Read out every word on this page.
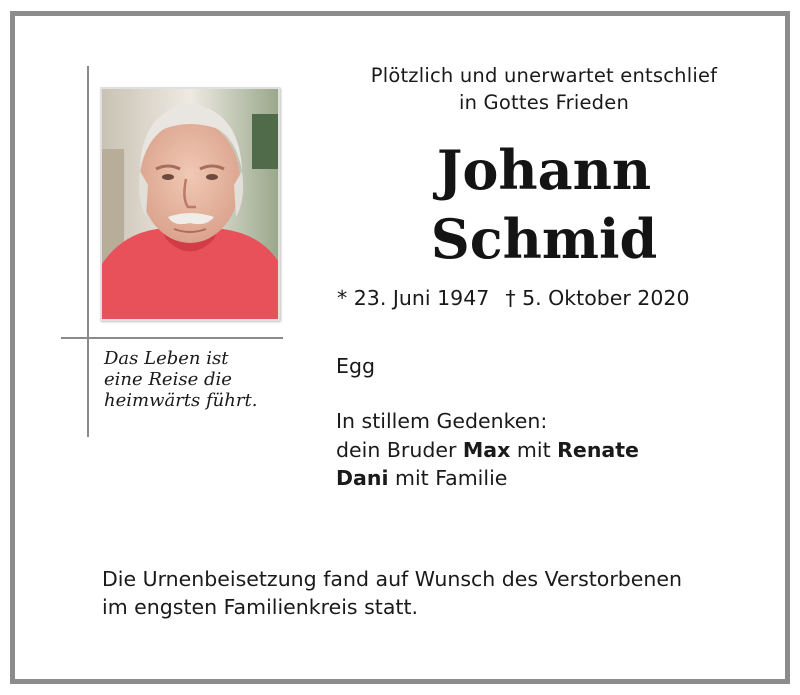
Das Leben ist
eine Reise die
heimwärts führt.
Plötzlich und unerwartet entschlief
in Gottes Frieden
Johann
Schmid
* 23. Juni 1947 † 5. Oktober 2020
Egg
In stillem Gedenken:
dein Bruder Max mit Renate
Dani mit Familie
Die Urnenbeisetzung fand auf Wunsch des Verstorbenen
im engsten Familienkreis statt.
